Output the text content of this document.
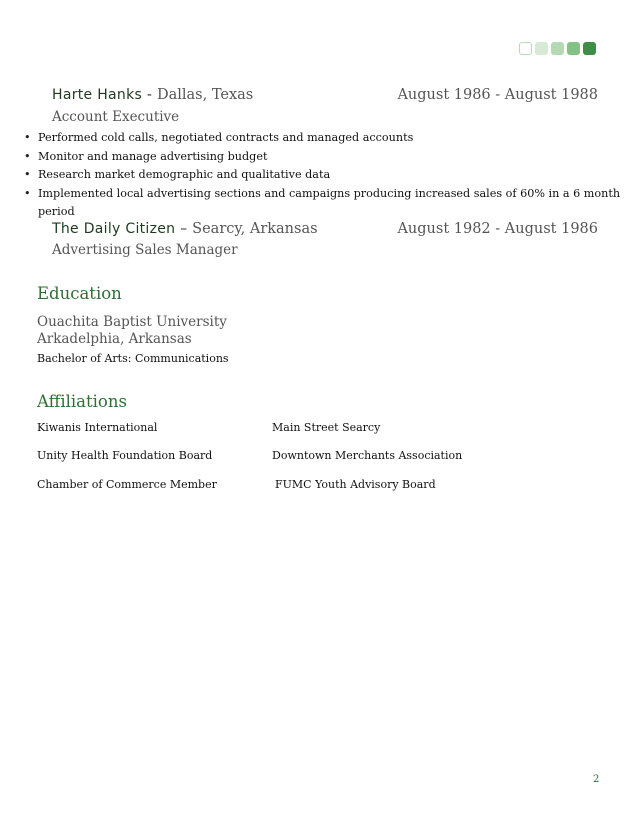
Harte Hanks - Dallas, Texas	August 1986 - August 1988
Account Executive
• Performed cold calls, negotiated contracts and managed accounts
• Monitor and manage advertising budget
• Research market demographic and qualitative data
• Implemented local advertising sections and campaigns producing increased sales of 60% in a 6 month period
The Daily Citizen – Searcy, Arkansas	August 1982 - August 1986
Advertising Sales Manager
Education
Ouachita Baptist University
Arkadelphia, Arkansas
Bachelor of Arts: Communications
Affiliations
Kiwanis International
Unity Health Foundation Board
Chamber of Commerce Member
Main Street Searcy
Downtown Merchants Association
FUMC Youth Advisory Board
2
